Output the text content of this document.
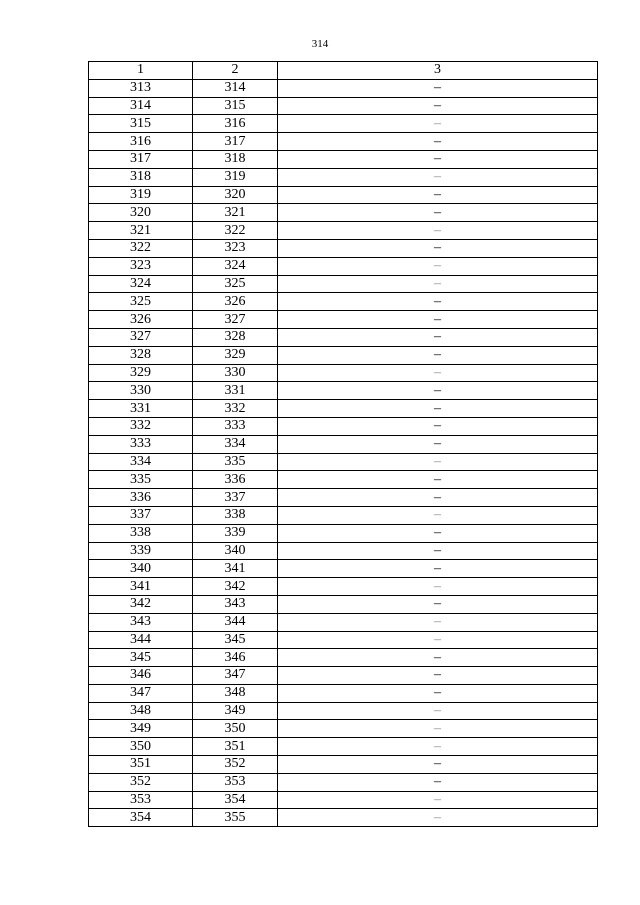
314
1	2	3
313	314	–
314	315	–
315	316	–
316	317	–
317	318	–
318	319	–
319	320	–
320	321	–
321	322	–
322	323	–
323	324	–
324	325	–
325	326	–
326	327	–
327	328	–
328	329	–
329	330	–
330	331	–
331	332	–
332	333	–
333	334	–
334	335	–
335	336	–
336	337	–
337	338	–
338	339	–
339	340	–
340	341	–
341	342	–
342	343	–
343	344	–
344	345	–
345	346	–
346	347	–
347	348	–
348	349	–
349	350	–
350	351	–
351	352	–
352	353	–
353	354	–
354	355	–
